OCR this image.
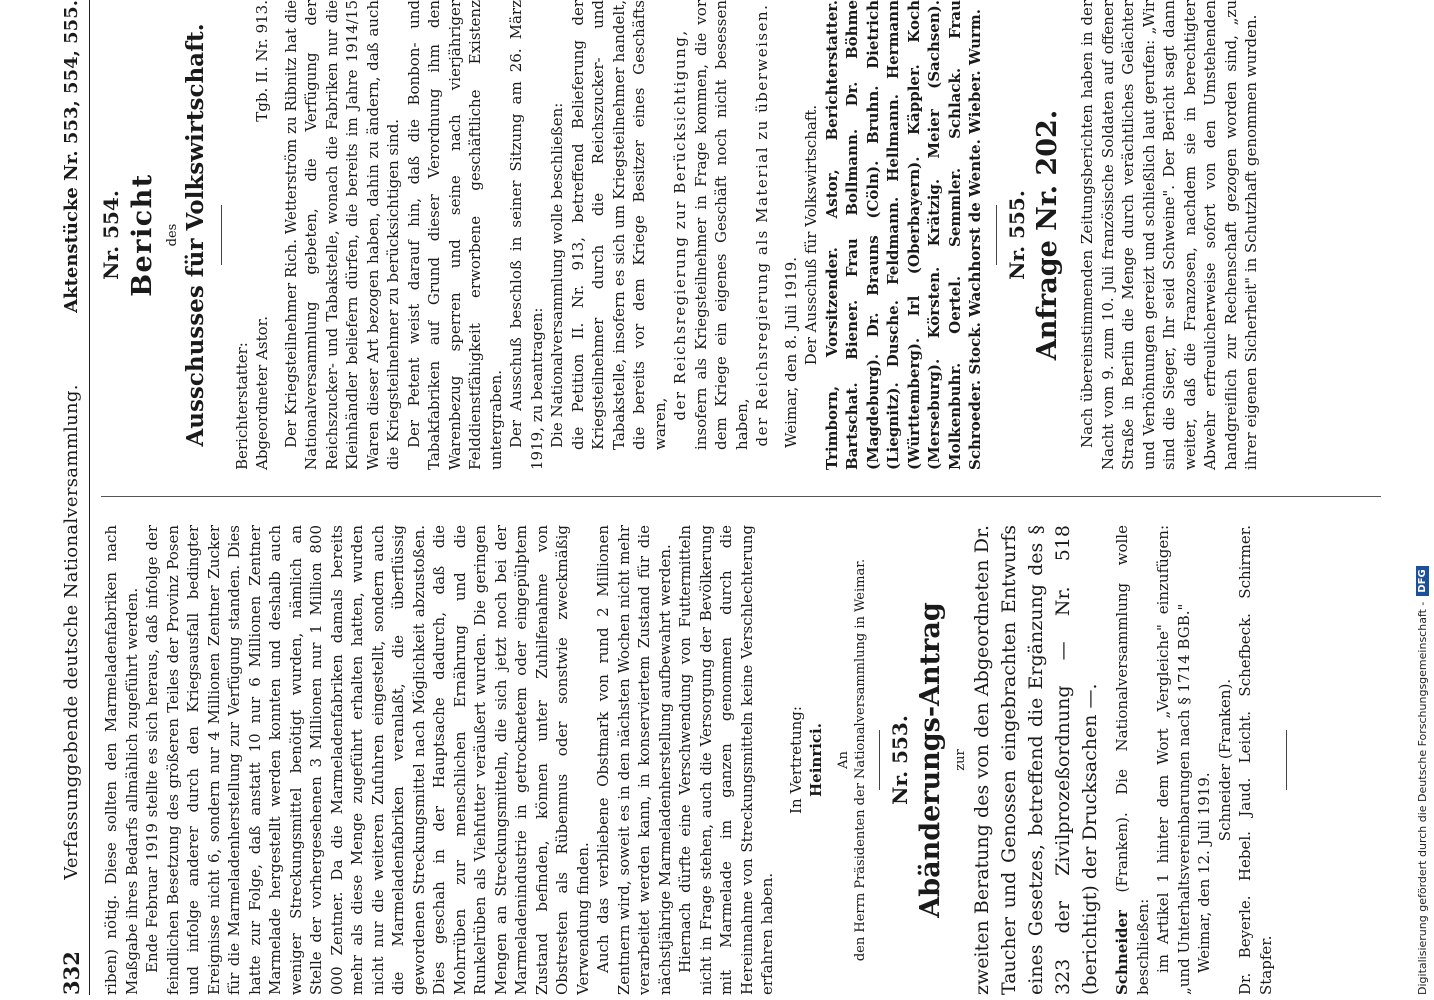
332
Verfassunggebende deutsche Nationalversammlung.
Aktenstücke Nr. 553, 554, 555.

riben) nötig. Diese sollten den Marmeladenfabriken nach Maßgabe ihres Bedarfs allmählich zugeführt werden. Ende Februar 1919 stellte es sich heraus, daß infolge der feindlichen Besetzung des größeren Teiles der Provinz Posen und infolge anderer durch den Kriegsausfall bedingter Ereignisse nicht 6, sondern nur 4 Millionen Zentner Zucker für die Marmeladenherstellung zur Verfügung standen. Dies hatte zur Folge, daß anstatt 10 nur 6 Millionen Zentner Marmelade hergestellt werden konnten und deshalb auch weniger Streckungsmittel benötigt wurden, nämlich an Stelle der vorhergesehenen 3 Millionen nur 1 Million 800 000 Zentner. Da die Marmeladenfabriken damals bereits mehr als diese Menge zugeführt erhalten hatten, wurden nicht nur die weiteren Zufuhren eingestellt, sondern auch die Marmeladenfabriken veranlaßt, die überflüssig gewordenen Streckungsmittel nach Möglichkeit abzustoßen. Dies geschah in der Hauptsache dadurch, daß die Mohrrüben zur menschlichen Ernährung und die Runkelrüben als Viehfutter veräußert wurden. Die geringen Mengen an Streckungsmitteln, die sich jetzt noch bei der Marmeladenindustrie in getrocknetem oder eingepülptem Zustand befinden, können unter Zuhilfenahme von Obstresten als Rübenmus oder sonstwie zweckmäßig Verwendung finden. Auch das verbliebene Obstmark von rund 2 Millionen Zentnern wird, soweit es in den nächsten Wochen nicht mehr verarbeitet werden kann, in konserviertem Zustand für die nächstjährige Marmeladenherstellung aufbewahrt werden. Hiernach dürfte eine Verschwendung von Futtermitteln nicht in Frage stehen, auch die Versorgung der Bevölkerung mit Marmelade im ganzen genommen durch die Hereinnahme von Streckungsmitteln keine Verschlechterung erfahren haben.

In Vertretung: Heinrici. An den Herrn Präsidenten der Nationalversammlung in Weimar. Nr. 553. Abänderungs-Antrag zur zweiten Beratung des von den Abgeordneten Dr. Taucher und Genossen eingebrachten Entwurfs eines Gesetzes, betreffend die Ergänzung des § 323 der Zivilprozeßordnung — Nr. 518 (berichtigt) der Drucksachen —. Schneider (Franken). Die Nationalversammlung wolle beschließen: im Artikel 1 hinter dem Wort „Vergleiche" einzufügen: „und Unterhaltsvereinbarungen nach § 1714 BGB." Weimar, den 12. Juli 1919.

Schneider (Franken). Dr. Beyerle. Hebel. Jaud. Leicht. Schefbeck. Schirmer. Stapfer.

Nr. 554. Bericht des Ausschusses für Volkswirtschaft. Berichterstatter: Abgeordneter Astor.
Tgb. II. Nr. 913. Der Kriegsteilnehmer Rich. Wetterström zu Ribnitz hat die Nationalversammlung gebeten, die Verfügung der Reichszucker- und Tabakstelle, wonach die Fabriken nur die Kleinhändler beliefern dürfen, die bereits im Jahre 1914/15 Waren dieser Art bezogen haben, dahin zu ändern, daß auch die Kriegsteilnehmer zu berücksichtigen sind. Der Petent weist darauf hin, daß die Bonbon- und Tabakfabriken auf Grund dieser Verordnung ihm den Warenbezug sperren und seine nach vierjähriger Felddienstfähigkeit erworbene geschäftliche Existenz untergraben. Der Ausschuß beschloß in seiner Sitzung am 26. März 1919, zu beantragen: Die Nationalversammlung wolle beschließen: die Petition II. Nr. 913, betreffend Belieferung der Kriegsteilnehmer durch die Reichszucker- und Tabakstelle, insofern es sich um Kriegsteilnehmer handelt, die bereits vor dem Kriege Besitzer eines Geschäfts waren,

der Reichsregierung zur Berücksichtigung, insofern als Kriegsteilnehmer in Frage kommen, die vor dem Kriege ein eigenes Geschäft noch nicht besessen haben, der Reichsregierung als Material zu überweisen. Weimar, den 8. Juli 1919. Der Ausschuß für Volkswirtschaft. Trimborn, Vorsitzender. Astor, Berichterstatter. Bartschat. Biener. Frau Bollmann. Dr. Böhme (Magdeburg). Dr. Brauns (Cöln). Bruhn. Dietrich (Liegnitz). Dusche. Feldmann. Hellmann. Hermann (Württemberg). Irl (Oberbayern). Käppler. Koch (Merseburg). Körsten. Krätzig. Meier (Sachsen). Molkenbuhr. Oertel. Semmler. Schlack. Frau Schroeder. Stock. Wachhorst de Wente. Wieber. Wurm. Nr. 555. Anfrage Nr. 202. Nach übereinstimmenden Zeitungsberichten haben in der Nacht vom 9. zum 10. Juli französische Soldaten auf offener Straße in Berlin die Menge durch verächtliches Gelächter und Verhöhnungen gereizt und schließlich laut gerufen: „Wir sind die Sieger, Ihr seid Schweine". Der Bericht sagt dann weiter, daß die Franzosen, nachdem sie in berechtigter Abwehr erfreulicherweise sofort von den Umstehenden handgreiflich zur Rechenschaft gezogen worden sind, „zu ihrer eigenen Sicherheit" in Schutzhaft genommen wurden.

Digitalisierung gefördert durch die Deutsche Forschungsgemeinschaft -
DFG
